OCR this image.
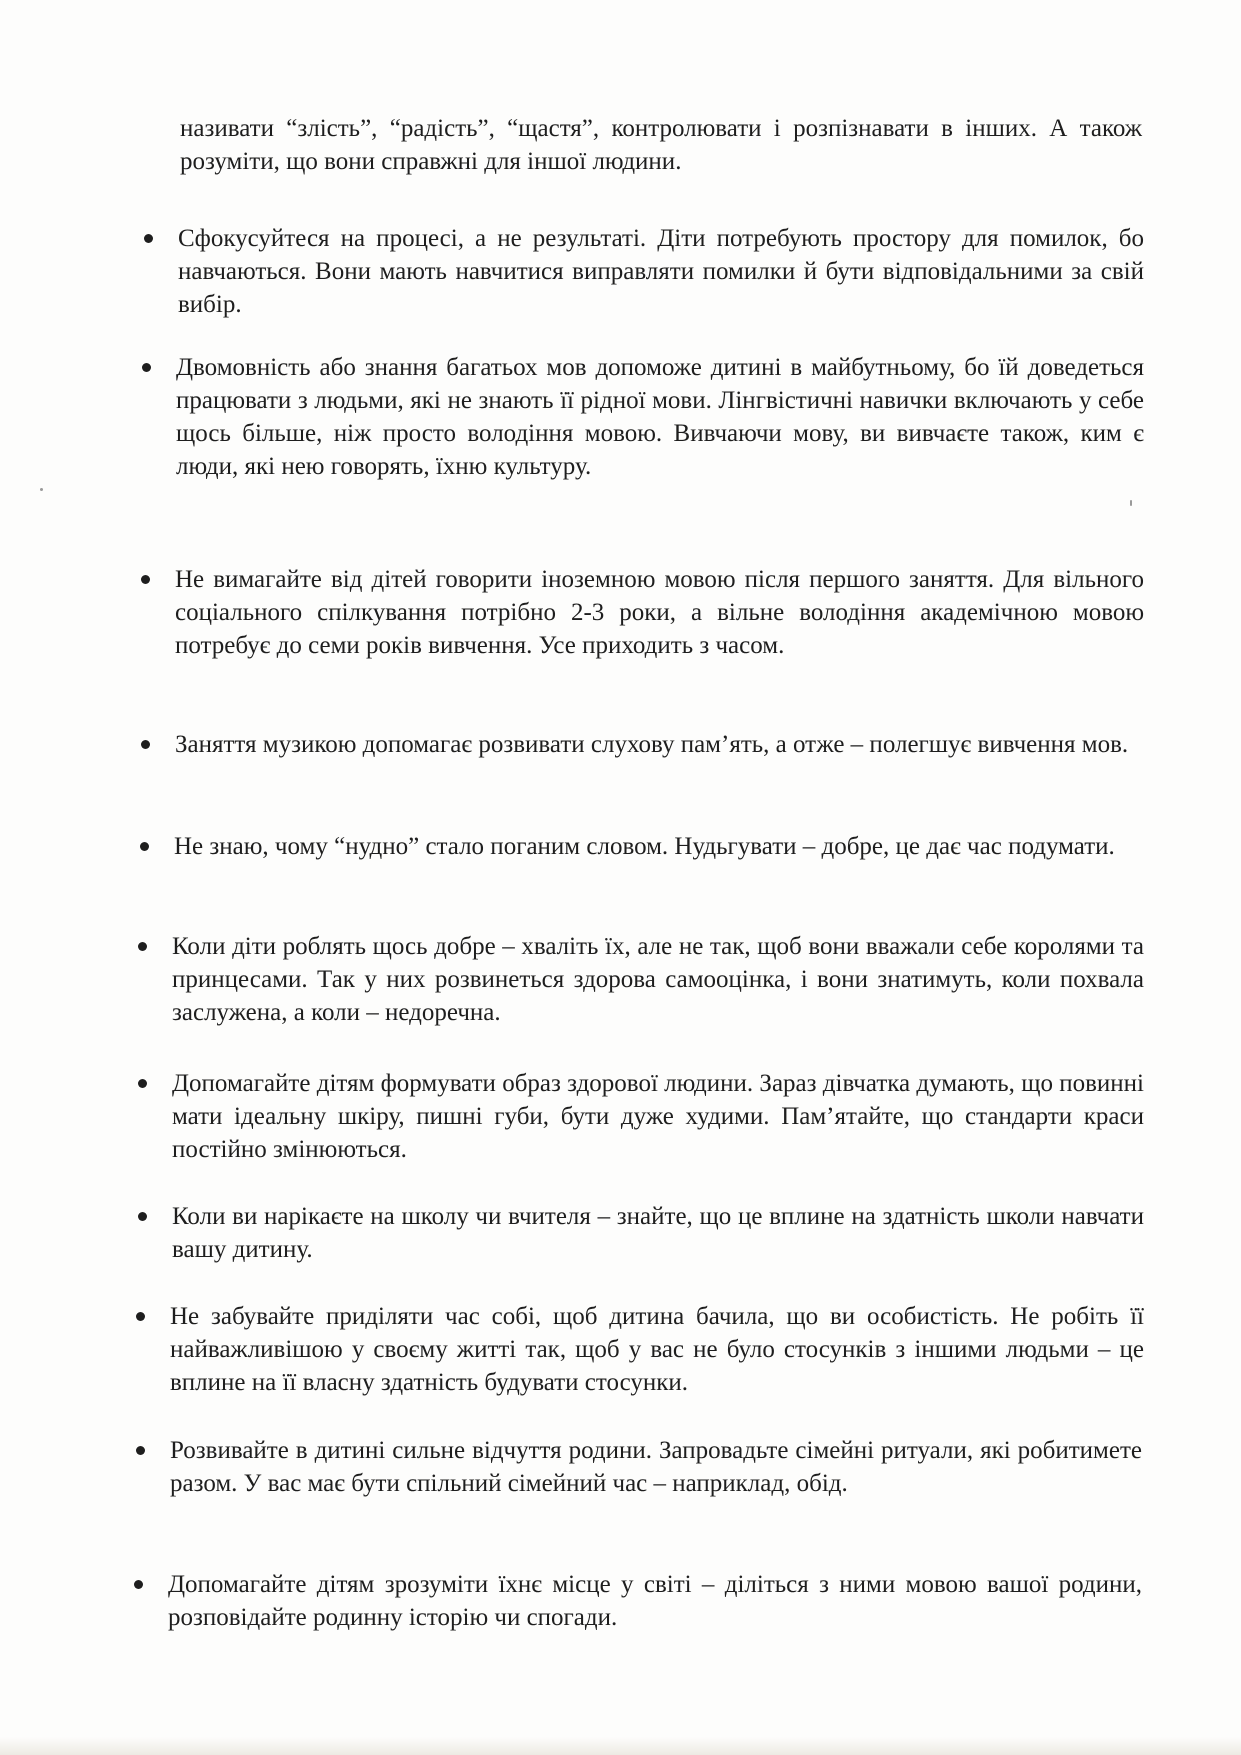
називати “злість”, “радість”, “щастя”, контролювати і розпізнавати в інших. А також розуміти, що вони справжні для іншої людини.

Сфокусуйтеся на процесі, а не результаті. Діти потребують простору для помилок, бо навчаються. Вони мають навчитися виправляти помилки й бути відповідальними за свій вибір.
Двомовність або знання багатьох мов допоможе дитині в майбутньому, бо їй доведеться працювати з людьми, які не знають її рідної мови. Лінгвістичні навички включають у себе щось більше, ніж просто володіння мовою. Вивчаючи мову, ви вивчаєте також, ким є люди, які нею говорять, їхню культуру.
Не вимагайте від дітей говорити іноземною мовою після першого заняття. Для вільного соціального спілкування потрібно 2-3 роки, а вільне володіння академічною мовою потребує до семи років вивчення. Усе приходить з часом.
Заняття музикою допомагає розвивати слухову пам’ять, а отже – полегшує вивчення мов.
Не знаю, чому “нудно” стало поганим словом. Нудьгувати – добре, це дає час подумати.
Коли діти роблять щось добре – хваліть їх, але не так, щоб вони вважали себе королями та принцесами. Так у них розвинеться здорова самооцінка, і вони знатимуть, коли похвала заслужена, а коли – недоречна.
Допомагайте дітям формувати образ здорової людини. Зараз дівчатка думають, що повинні мати ідеальну шкіру, пишні губи, бути дуже худими. Пам’ятайте, що стандарти краси постійно змінюються.
Коли ви нарікаєте на школу чи вчителя – знайте, що це вплине на здатність школи навчати вашу дитину.
Не забувайте приділяти час собі, щоб дитина бачила, що ви особистість. Не робіть її найважливішою у своєму житті так, щоб у вас не було стосунків з іншими людьми – це вплине на її власну здатність будувати стосунки.
Розвивайте в дитині сильне відчуття родини. Запровадьте сімейні ритуали, які робитимете разом. У вас має бути спільний сімейний час – наприклад, обід.
Допомагайте дітям зрозуміти їхнє місце у світі – діліться з ними мовою вашої родини, розповідайте родинну історію чи спогади.
